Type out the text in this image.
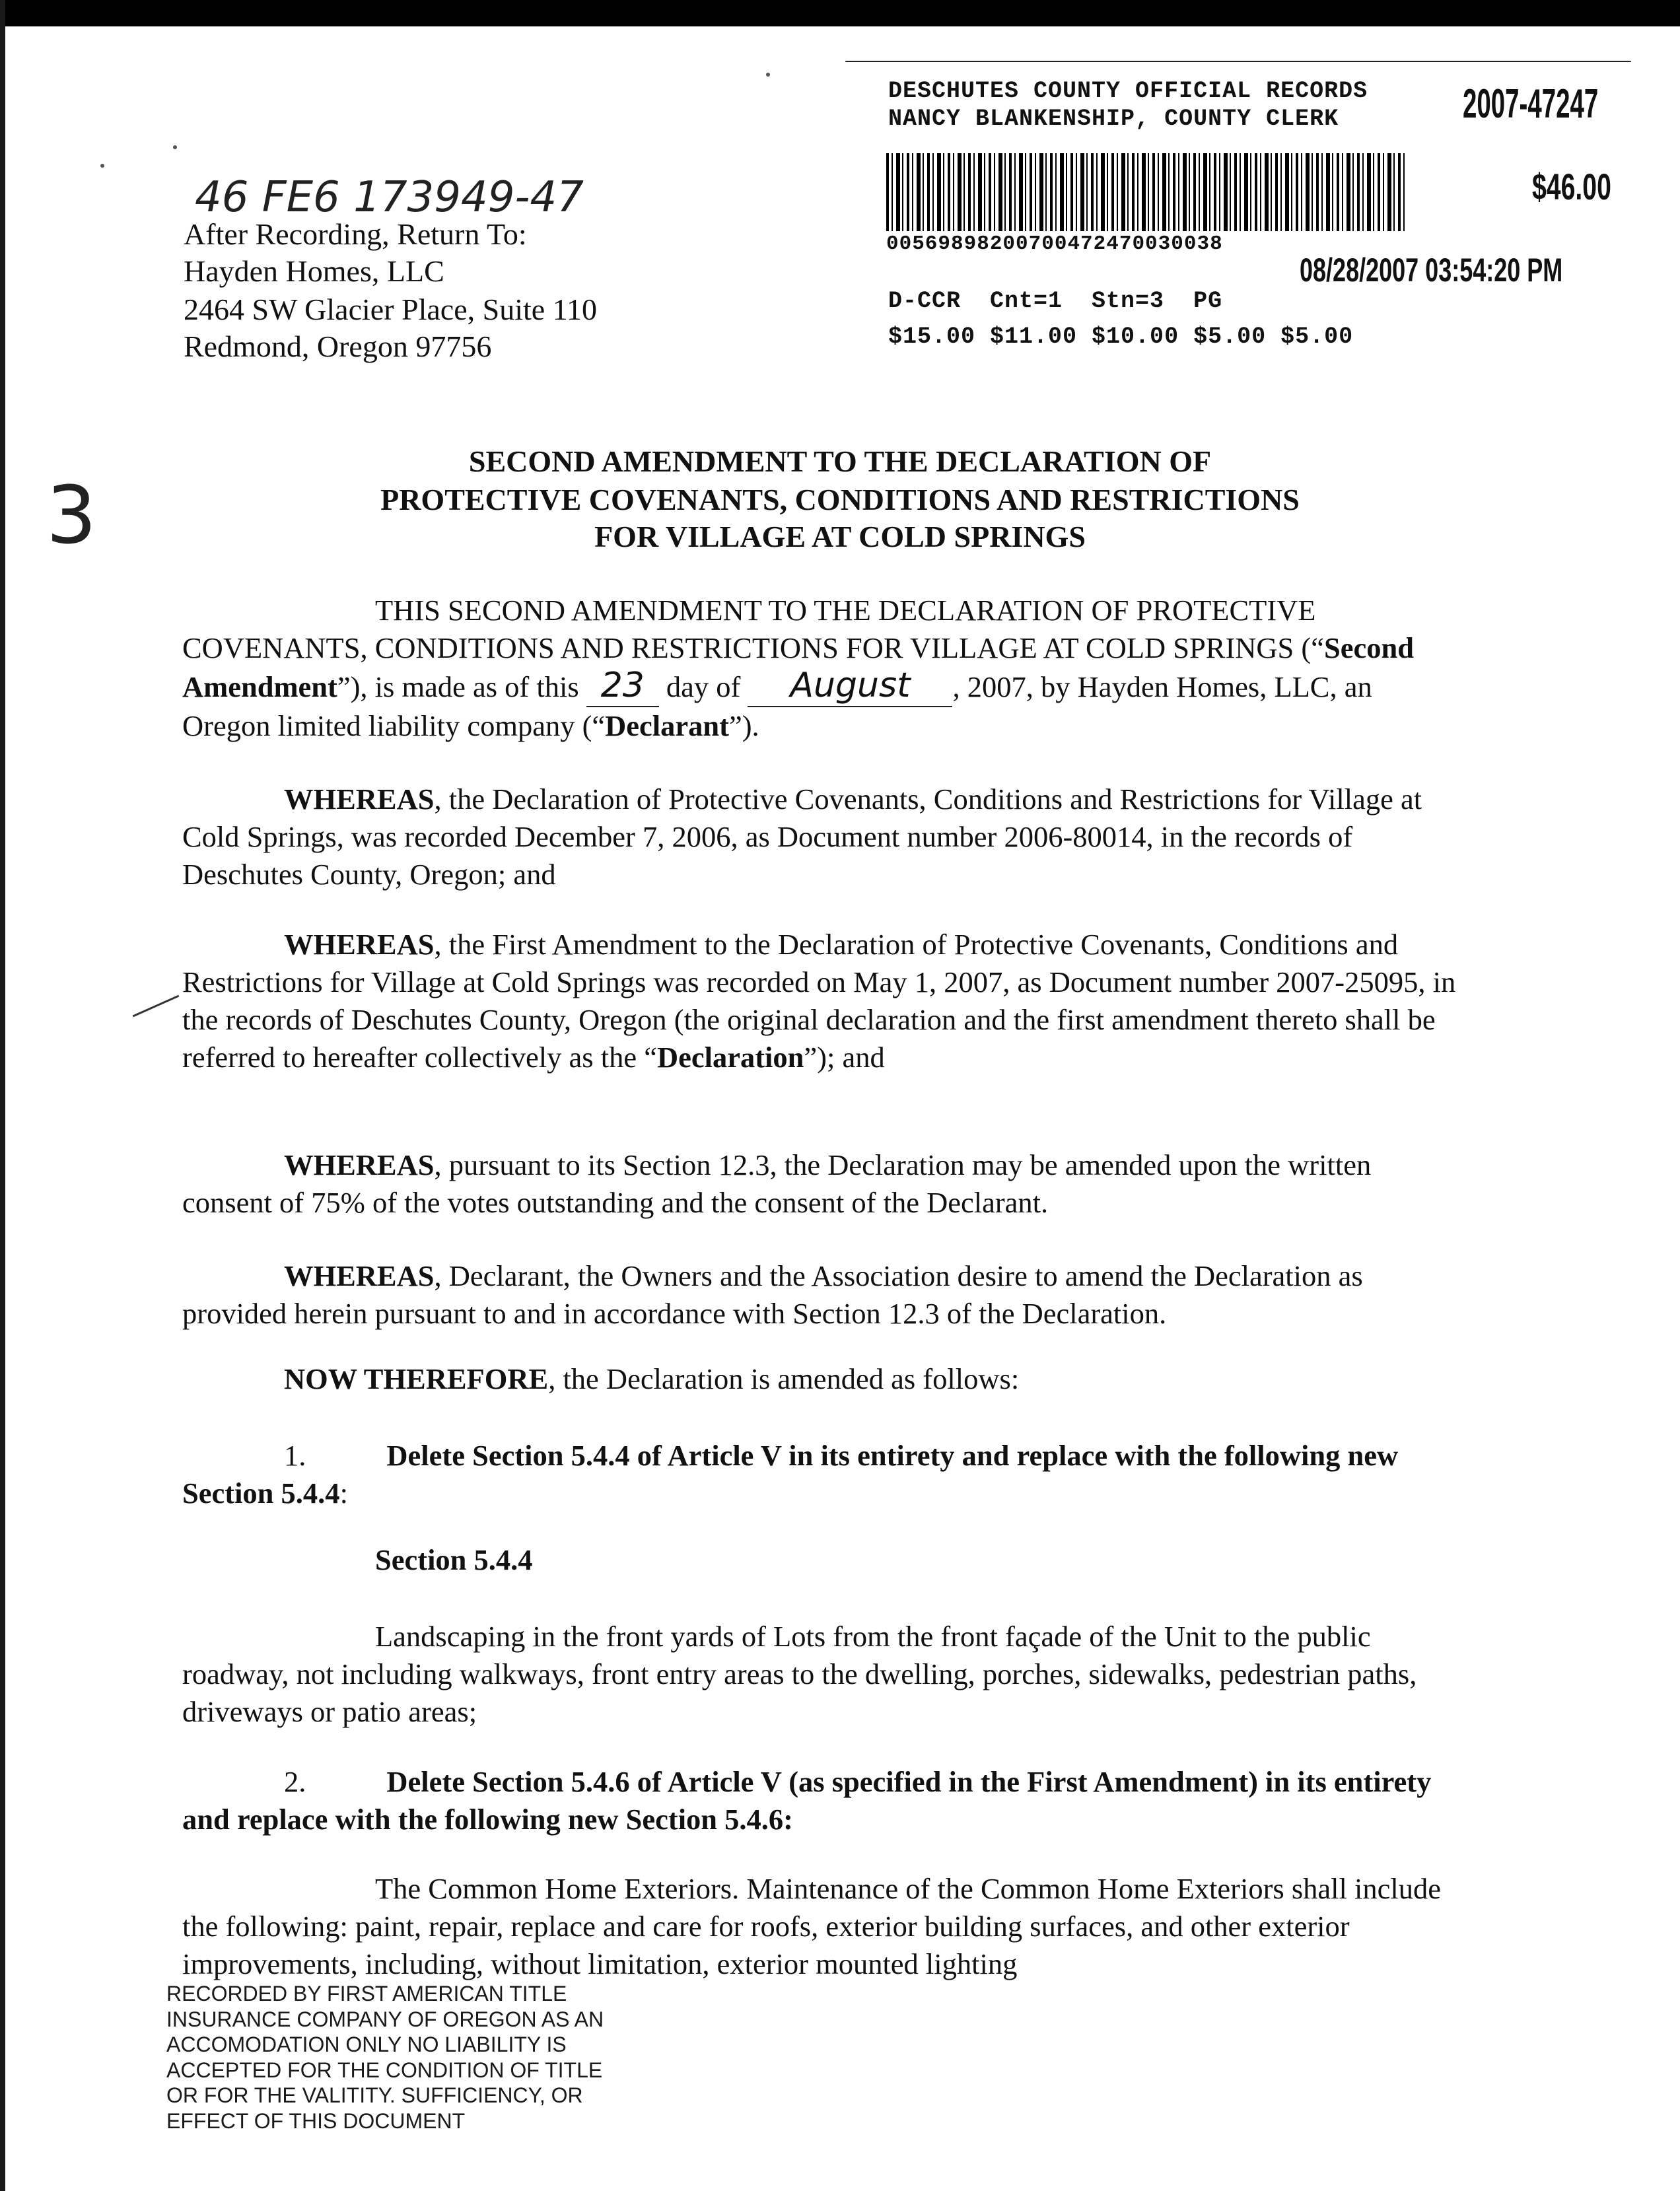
DESCHUTES COUNTY OFFICIAL RECORDS
NANCY BLANKENSHIP, COUNTY CLERK	2007-47247
$46.00
00569898200700472470030038
08/28/2007 03:54:20 PM
D-CCR  Cnt=1  Stn=3  PG
$15.00 $11.00 $10.00 $5.00 $5.00
46 FE6 173949-47
3
After Recording, Return To:
Hayden Homes, LLC
2464 SW Glacier Place, Suite 110
Redmond, Oregon 97756
SECOND AMENDMENT TO THE DECLARATION OF
PROTECTIVE COVENANTS, CONDITIONS AND RESTRICTIONS
FOR VILLAGE AT COLD SPRINGS

THIS SECOND AMENDMENT TO THE DECLARATION OF PROTECTIVE COVENANTS, CONDITIONS AND RESTRICTIONS FOR VILLAGE AT COLD SPRINGS (“Second Amendment”), is made as of this 23 day of August , 2007, by Hayden Homes, LLC, an Oregon limited liability company (“Declarant”).

WHEREAS, the Declaration of Protective Covenants, Conditions and Restrictions for Village at Cold Springs, was recorded December 7, 2006, as Document number 2006-80014, in the records of Deschutes County, Oregon; and

WHEREAS, the First Amendment to the Declaration of Protective Covenants, Conditions and Restrictions for Village at Cold Springs was recorded on May 1, 2007, as Document number 2007-25095, in the records of Deschutes County, Oregon (the original declaration and the first amendment thereto shall be referred to hereafter collectively as the “Declaration”); and

WHEREAS, pursuant to its Section 12.3, the Declaration may be amended upon the written consent of 75% of the votes outstanding and the consent of the Declarant.

WHEREAS, Declarant, the Owners and the Association desire to amend the Declaration as provided herein pursuant to and in accordance with Section 12.3 of the Declaration.

NOW THEREFORE, the Declaration is amended as follows:

1.	Delete Section 5.4.4 of Article V in its entirety and replace with the following new Section 5.4.4:

Section 5.4.4

Landscaping in the front yards of Lots from the front façade of the Unit to the public roadway, not including walkways, front entry areas to the dwelling, porches, sidewalks, pedestrian paths, driveways or patio areas;

2.	Delete Section 5.4.6 of Article V (as specified in the First Amendment) in its entirety and replace with the following new Section 5.4.6:

The Common Home Exteriors. Maintenance of the Common Home Exteriors shall include the following: paint, repair, replace and care for roofs, exterior building surfaces, and other exterior improvements, including, without limitation, exterior mounted lighting

RECORDED BY FIRST AMERICAN TITLE
INSURANCE COMPANY OF OREGON AS AN
ACCOMODATION ONLY NO LIABILITY IS
ACCEPTED FOR THE CONDITION OF TITLE
OR FOR THE VALITITY. SUFFICIENCY, OR
EFFECT OF THIS DOCUMENT
